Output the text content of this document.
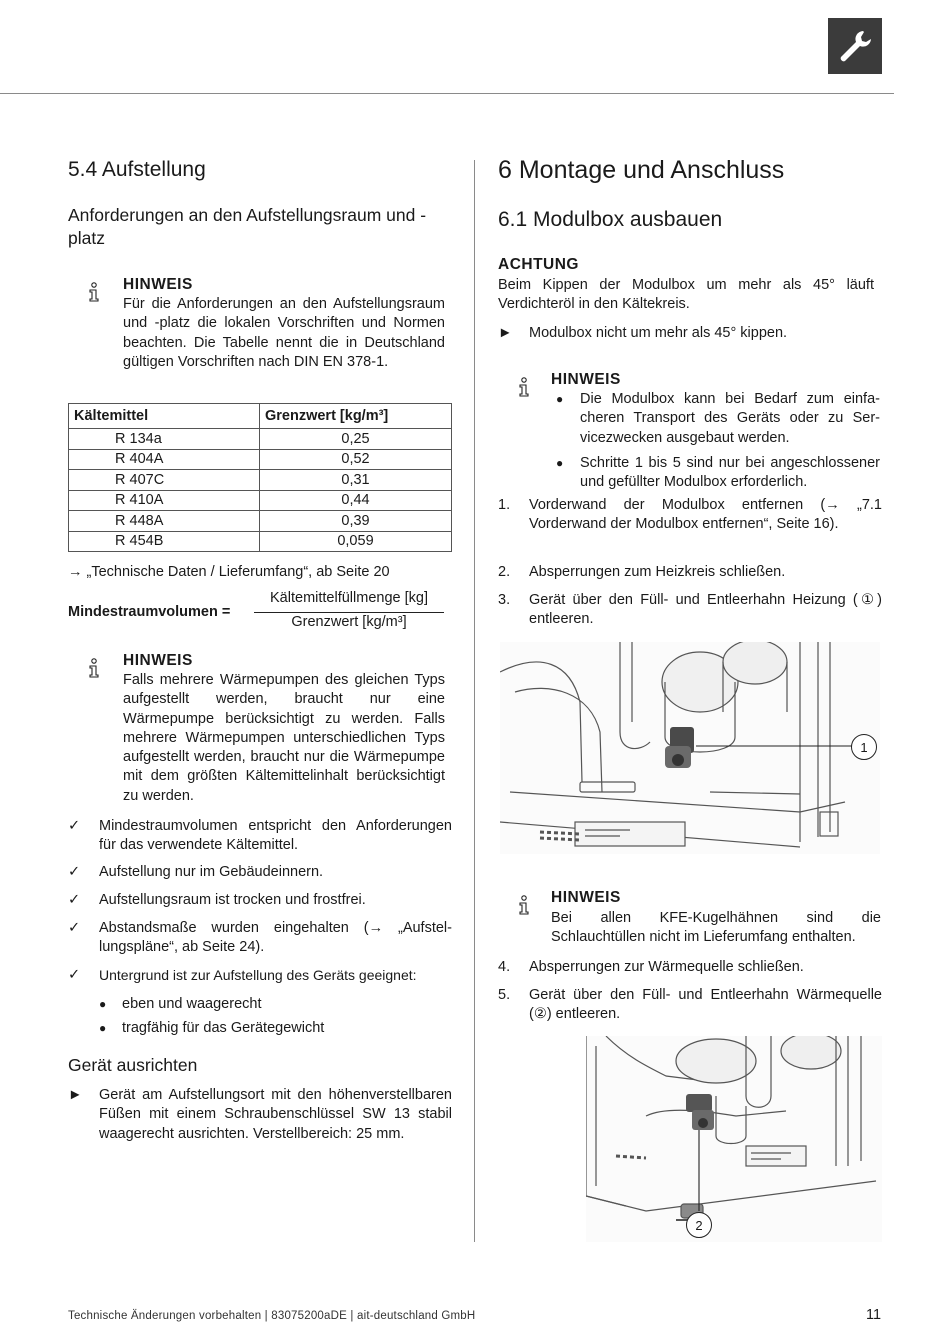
5.4 Aufstellung
Anforderungen an den Aufstellungsraum und -platz
HINWEIS
Für die Anforderungen an den Aufstellungsraum und ‑platz die lokalen Vorschriften und Normen beachten. Die Tabelle nennt die in Deutschland gültigen Vorschriften nach DIN EN 378‑1.
Kältemittel	Grenzwert [kg/m³]
R 134a	0,25
R 404A	0,52
R 407C	0,31
R 410A	0,44
R 448A	0,39
R 454B	0,059
→ „Technische Daten / Lieferumfang“, ab Seite 20
Mindestraumvolumen =
Kältemittelfüllmenge [kg]
Grenzwert [kg/m³]
HINWEIS
Falls mehrere Wärmepumpen des gleichen Typs aufgestellt werden, braucht nur eine Wärmepumpe berücksichtigt zu werden. Falls mehrere Wärmepumpen unterschiedlichen Typs aufgestellt werden, braucht nur die Wärmepumpe mit dem größten Kältemittelinhalt berücksichtigt zu werden.
✓ Mindestraumvolumen entspricht den Anforderungen für das verwendete Kältemittel.
✓ Aufstellung nur im Gebäudeinnern.
✓ Aufstellungsraum ist trocken und frostfrei.
✓ Abstandsmaße wurden eingehalten (→ „Aufstellungspläne“, ab Seite 24).
✓ Untergrund ist zur Aufstellung des Geräts geeignet:
● eben und waagerecht
● tragfähig für das Gerätegewicht
Gerät ausrichten
► Gerät am Aufstellungsort mit den höhenverstellbaren Füßen mit einem Schraubenschlüssel SW 13 stabil waagerecht ausrichten. Verstellbereich: 25 mm.
6 Montage und Anschluss
6.1 Modulbox ausbauen
ACHTUNG
Beim Kippen der Modulbox um mehr als 45° läuft Verdichteröl in den Kältekreis.
► Modulbox nicht um mehr als 45° kippen.
HINWEIS
● Die Modulbox kann bei Bedarf zum einfacheren Transport des Geräts oder zu Servicezwecken ausgebaut werden.
● Schritte 1 bis 5 sind nur bei angeschlossener und gefüllter Modulbox erforderlich.
1. Vorderwand der Modulbox entfernen (→ „7.1 Vorderwand der Modulbox entfernen“, Seite 16).
2. Absperrungen zum Heizkreis schließen.
3. Gerät über den Füll- und Entleerhahn Heizung (①) entleeren.
1
HINWEIS
Bei allen KFE‑Kugelhähnen sind die Schlauchtüllen nicht im Lieferumfang enthalten.
4. Absperrungen zur Wärmequelle schließen.
5. Gerät über den Füll- und Entleerhahn Wärmequelle (②) entleeren.
2
Technische Änderungen vorbehalten | 83075200aDE | ait-deutschland GmbH	11
